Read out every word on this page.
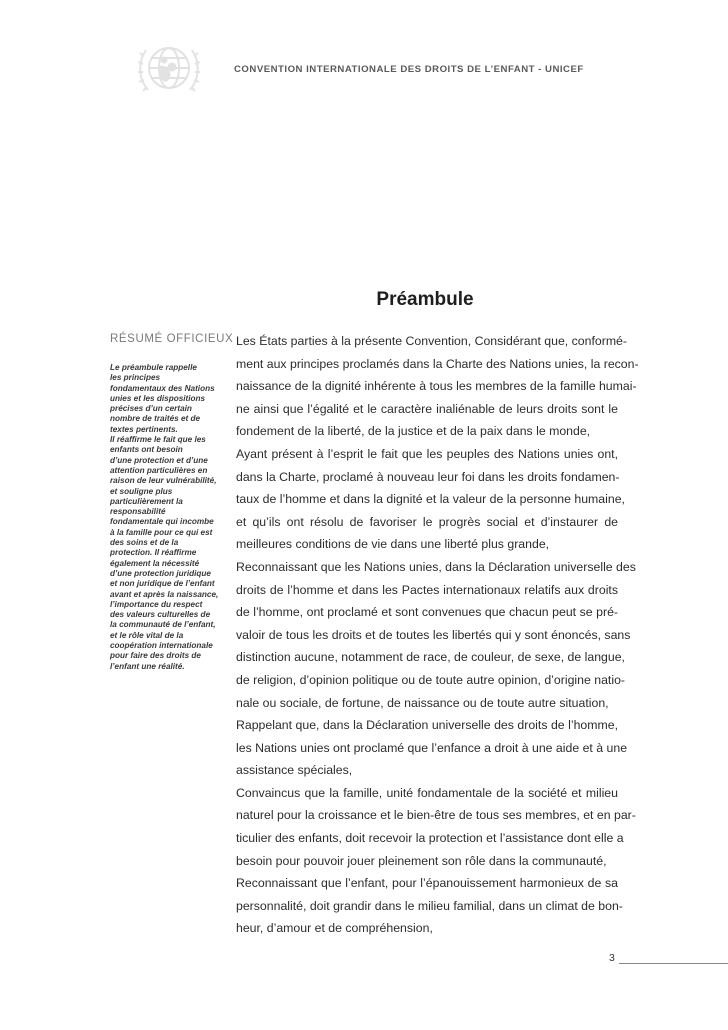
CONVENTION INTERNATIONALE DES DROITS DE L’ENFANT - UNICEF
Préambule
RÉSUMÉ OFFICIEUX
Le préambule rappelle
les principes
fondamentaux des Nations
unies et les dispositions
précises d’un certain
nombre de traités et de
textes pertinents.
Il réaffirme le fait que les
enfants ont besoin
d’une protection et d’une
attention particulières en
raison de leur vulnérabilité,
et souligne plus
particulièrement la
responsabilité
fondamentale qui incombe
à la famille pour ce qui est
des soins et de la
protection. Il réaffirme
également la nécessité
d’une protection juridique
et non juridique de l’enfant
avant et après la naissance,
l’importance du respect
des valeurs culturelles de
la communauté de l’enfant,
et le rôle vital de la
coopération internationale
pour faire des droits de
l’enfant une réalité.
Les États parties à la présente Convention, Considérant que, conformé-
ment aux principes proclamés dans la Charte des Nations unies, la recon-
naissance de la dignité inhérente à tous les membres de la famille humai-
ne ainsi que l’égalité et le caractère inaliénable de leurs droits sont le
fondement de la liberté, de la justice et de la paix dans le monde,
Ayant présent à l’esprit le fait que les peuples des Nations unies ont,
dans la Charte, proclamé à nouveau leur foi dans les droits fondamen-
taux de l’homme et dans la dignité et la valeur de la personne humaine,
et qu’ils ont résolu de favoriser le progrès social et d’instaurer de
meilleures conditions de vie dans une liberté plus grande,
Reconnaissant que les Nations unies, dans la Déclaration universelle des
droits de l’homme et dans les Pactes internationaux relatifs aux droits
de l’homme, ont proclamé et sont convenues que chacun peut se pré-
valoir de tous les droits et de toutes les libertés qui y sont énoncés, sans
distinction aucune, notamment de race, de couleur, de sexe, de langue,
de religion, d’opinion politique ou de toute autre opinion, d’origine natio-
nale ou sociale, de fortune, de naissance ou de toute autre situation,
Rappelant que, dans la Déclaration universelle des droits de l’homme,
les Nations unies ont proclamé que l’enfance a droit à une aide et à une
assistance spéciales,
Convaincus que la famille, unité fondamentale de la société et milieu
naturel pour la croissance et le bien-être de tous ses membres, et en par-
ticulier des enfants, doit recevoir la protection et l’assistance dont elle a
besoin pour pouvoir jouer pleinement son rôle dans la communauté,
Reconnaissant que l’enfant, pour l’épanouissement harmonieux de sa
personnalité, doit grandir dans le milieu familial, dans un climat de bon-
heur, d’amour et de compréhension,
3
